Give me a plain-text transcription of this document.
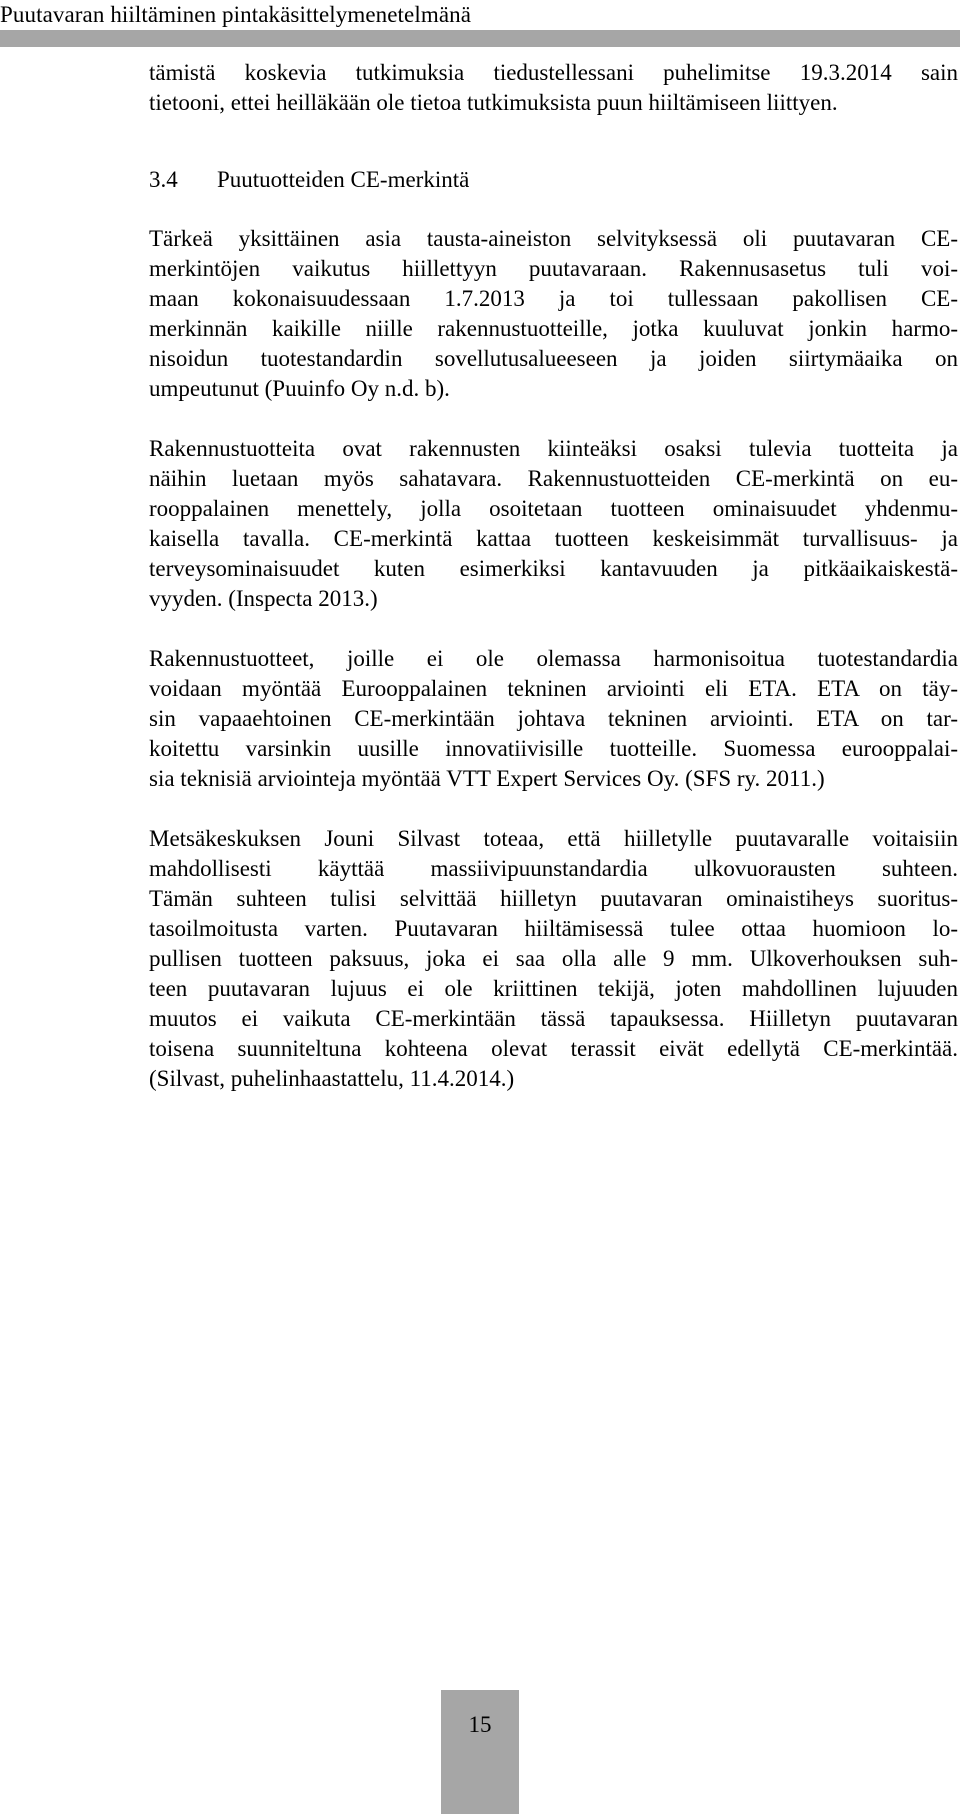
Puutavaran hiiltäminen pintakäsittelymenetelmänä

tämistä koskevia tutkimuksia tiedustellessani puhelimitse 19.3.2014 sain
tietooni, ettei heilläkään ole tietoa tutkimuksista puun hiiltämiseen liittyen.

3.4 Puutuotteiden CE-merkintä

Tärkeä yksittäinen asia tausta-aineiston selvityksessä oli puutavaran CE-
merkintöjen vaikutus hiillettyyn puutavaraan. Rakennusasetus tuli voi-
maan kokonaisuudessaan 1.7.2013 ja toi tullessaan pakollisen CE-
merkinnän kaikille niille rakennustuotteille, jotka kuuluvat jonkin harmo-
nisoidun tuotestandardin sovellutusalueeseen ja joiden siirtymäaika on
umpeutunut (Puuinfo Oy n.d. b).

Rakennustuotteita ovat rakennusten kiinteäksi osaksi tulevia tuotteita ja
näihin luetaan myös sahatavara. Rakennustuotteiden CE-merkintä on eu-
rooppalainen menettely, jolla osoitetaan tuotteen ominaisuudet yhdenmu-
kaisella tavalla. CE-merkintä kattaa tuotteen keskeisimmät turvallisuus- ja
terveysominaisuudet kuten esimerkiksi kantavuuden ja pitkäaikaiskestä-
vyyden. (Inspecta 2013.)

Rakennustuotteet, joille ei ole olemassa harmonisoitua tuotestandardia
voidaan myöntää Eurooppalainen tekninen arviointi eli ETA. ETA on täy-
sin vapaaehtoinen CE-merkintään johtava tekninen arviointi. ETA on tar-
koitettu varsinkin uusille innovatiivisille tuotteille. Suomessa eurooppalai-
sia teknisiä arviointeja myöntää VTT Expert Services Oy. (SFS ry. 2011.)

Metsäkeskuksen Jouni Silvast toteaa, että hiilletylle puutavaralle voitaisiin
mahdollisesti käyttää massiivipuunstandardia ulkovuorausten suhteen.
Tämän suhteen tulisi selvittää hiilletyn puutavaran ominaistiheys suoritus-
tasoilmoitusta varten. Puutavaran hiiltämisessä tulee ottaa huomioon lo-
pullisen tuotteen paksuus, joka ei saa olla alle 9 mm. Ulkoverhouksen suh-
teen puutavaran lujuus ei ole kriittinen tekijä, joten mahdollinen lujuuden
muutos ei vaikuta CE-merkintään tässä tapauksessa. Hiilletyn puutavaran
toisena suunniteltuna kohteena olevat terassit eivät edellytä CE-merkintää.
(Silvast, puhelinhaastattelu, 11.4.2014.)

15
